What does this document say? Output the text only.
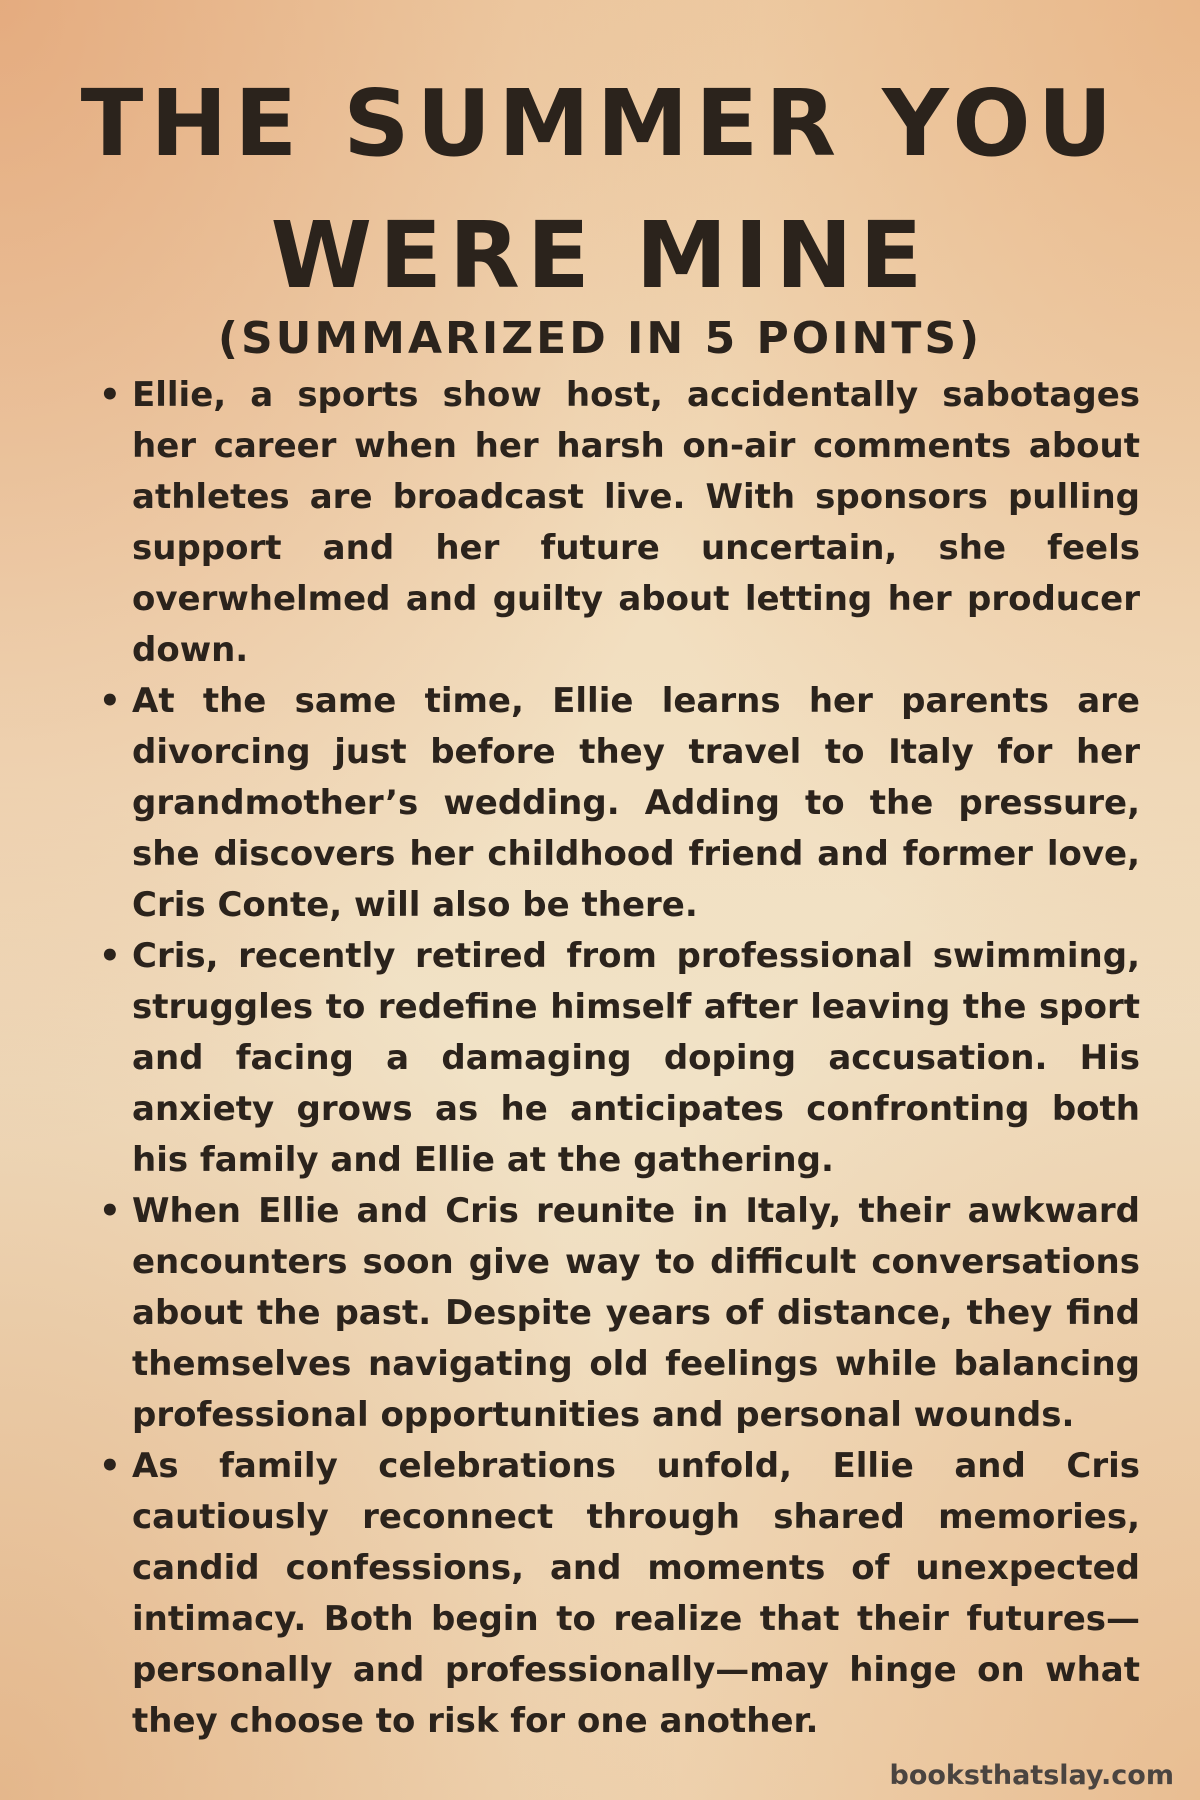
THE SUMMER YOU
WERE MINE
(SUMMARIZED IN 5 POINTS)
• Ellie, a sports show host, accidentally sabotages her career when her harsh on-air comments about athletes are broadcast live. With sponsors pulling support and her future uncertain, she feels overwhelmed and guilty about letting her producer down.
• At the same time, Ellie learns her parents are divorcing just before they travel to Italy for her grandmother’s wedding. Adding to the pressure, she discovers her childhood friend and former love, Cris Conte, will also be there.
• Cris, recently retired from professional swimming, struggles to redefine himself after leaving the sport and facing a damaging doping accusation. His anxiety grows as he anticipates confronting both his family and Ellie at the gathering.
• When Ellie and Cris reunite in Italy, their awkward encounters soon give way to difficult conversations about the past. Despite years of distance, they find themselves navigating old feelings while balancing professional opportunities and personal wounds.
• As family celebrations unfold, Ellie and Cris cautiously reconnect through shared memories, candid confessions, and moments of unexpected intimacy. Both begin to realize that their futures—personally and professionally—may hinge on what they choose to risk for one another.
booksthatslay.com
